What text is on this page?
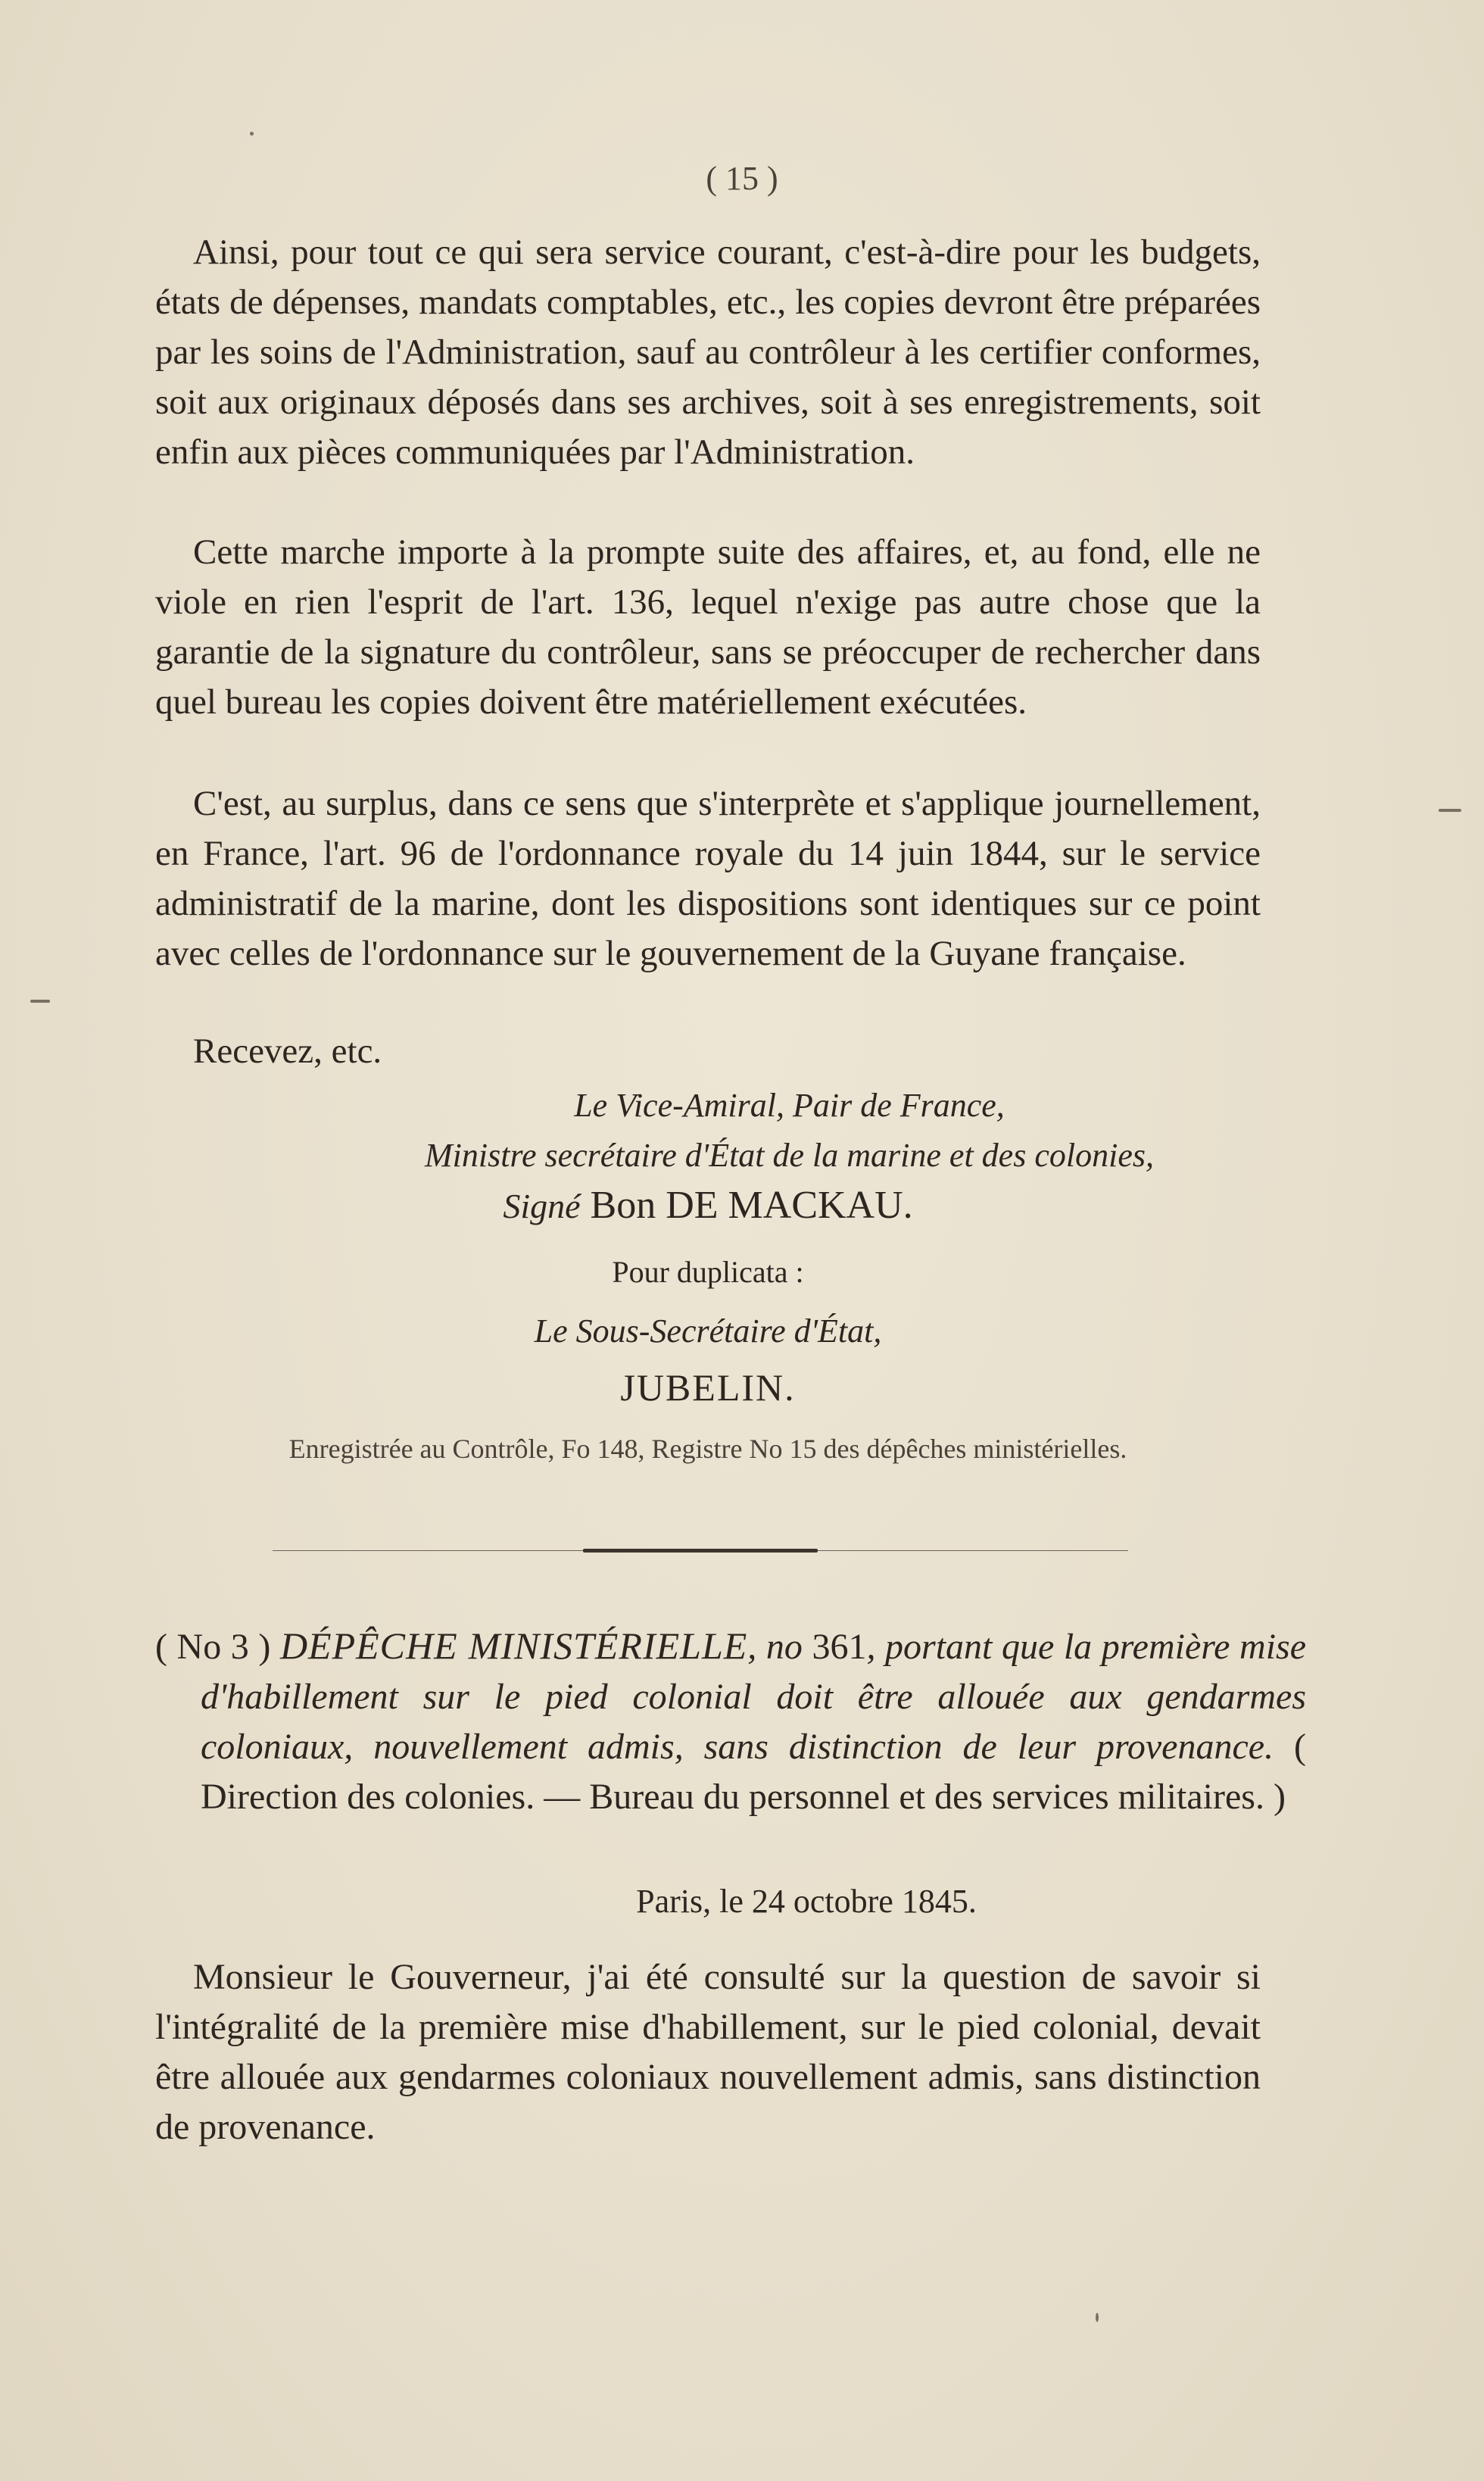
( 15 )

Ainsi, pour tout ce qui sera service courant, c'est-à-dire pour les budgets, états de dépenses, mandats comptables, etc., les copies devront être préparées par les soins de l'Administration, sauf au contrôleur à les certifier conformes, soit aux originaux déposés dans ses archives, soit à ses enregistrements, soit enfin aux pièces communiquées par l'Administration.

Cette marche importe à la prompte suite des affaires, et, au fond, elle ne viole en rien l'esprit de l'art. 136, lequel n'exige pas autre chose que la garantie de la signature du contrôleur, sans se préoccuper de rechercher dans quel bureau les copies doivent être matériellement exécutées.

C'est, au surplus, dans ce sens que s'interprète et s'applique journellement, en France, l'art. 96 de l'ordonnance royale du 14 juin 1844, sur le service administratif de la marine, dont les dispositions sont identiques sur ce point avec celles de l'ordonnance sur le gouvernement de la Guyane française.

Recevez, etc.

Le Vice-Amiral, Pair de France,
Ministre secrétaire d'État de la marine et des colonies,
Signé Bon DE MACKAU.
Pour duplicata :
Le Sous-Secrétaire d'État,
JUBELIN.
Enregistrée au Contrôle, Fo 148, Registre No 15 des dépêches ministérielles.

( No 3 ) DÉPÊCHE MINISTÉRIELLE, no 361, portant que la première mise d'habillement sur le pied colonial doit être allouée aux gendarmes coloniaux, nouvellement admis, sans distinction de leur provenance. ( Direction des colonies. — Bureau du personnel et des services militaires. )

Paris, le 24 octobre 1845.

Monsieur le Gouverneur, j'ai été consulté sur la question de savoir si l'intégralité de la première mise d'habillement, sur le pied colonial, devait être allouée aux gendarmes coloniaux nouvellement admis, sans distinction de provenance.
